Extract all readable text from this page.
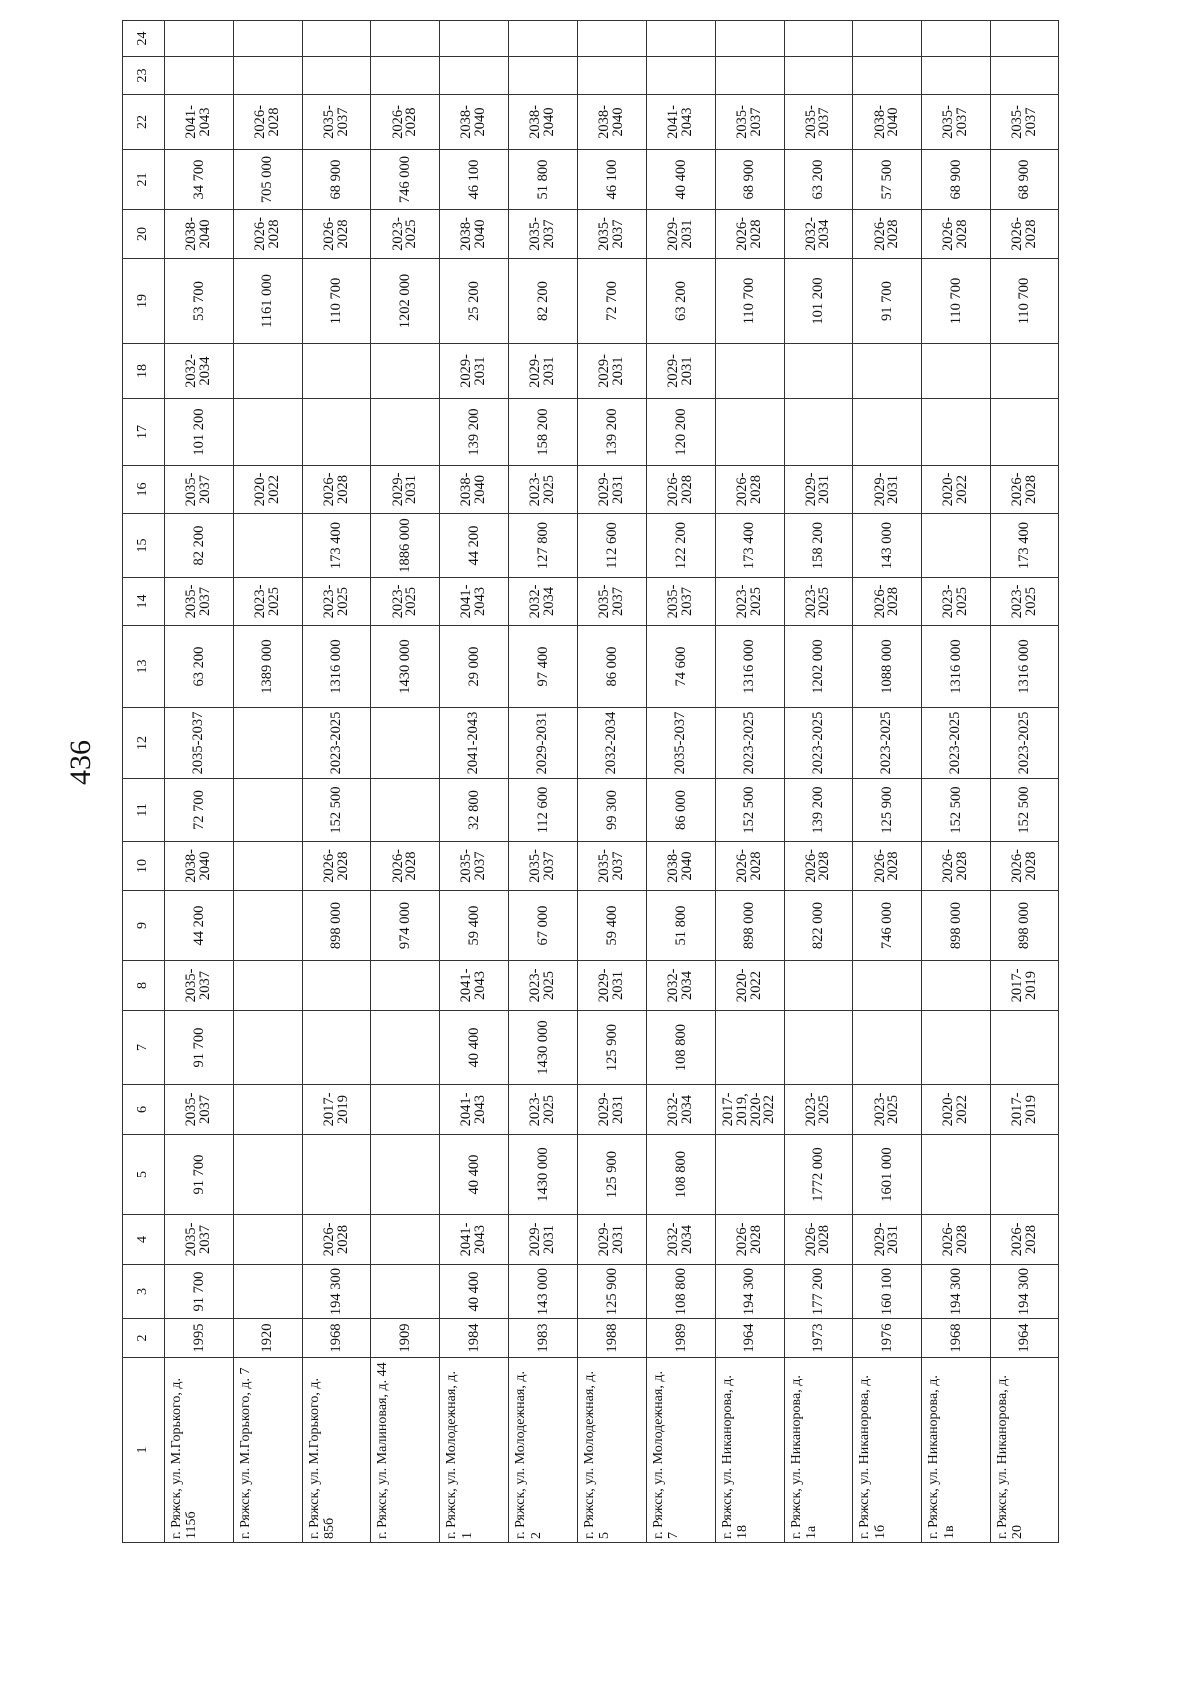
436
1	2	3	4	5	6	7	8	9	10	11	12	13	14	15	16	17	18	19	20	21	22	23	24
г. Ряжск, ул. М.Горького, д. 115б	1995	91 700	2035-2037	91 700	2035-2037	91 700	2035-2037	44 200	2038-2040	72 700	2035-2037	63 200	2035-2037	82 200	2035-2037	101 200	2032-2034	53 700	2038-2040	34 700	2041-2043		
г. Ряжск, ул. М.Горького, д. 7	1920											1389 000	2023-2025		2020-2022			1161 000	2026-2028	705 000	2026-2028		
г. Ряжск, ул. М.Горького, д. 85б	1968	194 300	2026-2028		2017-2019			898 000	2026-2028	152 500	2023-2025	1316 000	2023-2025	173 400	2026-2028			110 700	2026-2028	68 900	2035-2037		
г. Ряжск, ул. Малиновая, д. 44	1909							974 000	2026-2028			1430 000	2023-2025	1886 000	2029-2031			1202 000	2023-2025	746 000	2026-2028		
г. Ряжск, ул. Молодежная, д. 1	1984	40 400	2041-2043	40 400	2041-2043	40 400	2041-2043	59 400	2035-2037	32 800	2041-2043	29 000	2041-2043	44 200	2038-2040	139 200	2029-2031	25 200	2038-2040	46 100	2038-2040		
г. Ряжск, ул. Молодежная, д. 2	1983	143 000	2029-2031	1430 000	2023-2025	1430 000	2023-2025	67 000	2035-2037	112 600	2029-2031	97 400	2032-2034	127 800	2023-2025	158 200	2029-2031	82 200	2035-2037	51 800	2038-2040		
г. Ряжск, ул. Молодежная, д. 5	1988	125 900	2029-2031	125 900	2029-2031	125 900	2029-2031	59 400	2035-2037	99 300	2032-2034	86 000	2035-2037	112 600	2029-2031	139 200	2029-2031	72 700	2035-2037	46 100	2038-2040		
г. Ряжск, ул. Молодежная, д. 7	1989	108 800	2032-2034	108 800	2032-2034	108 800	2032-2034	51 800	2038-2040	86 000	2035-2037	74 600	2035-2037	122 200	2026-2028	120 200	2029-2031	63 200	2029-2031	40 400	2041-2043		
г. Ряжск, ул. Никанорова, д. 18	1964	194 300	2026-2028		2017-2019, 2020-2022		2020-2022	898 000	2026-2028	152 500	2023-2025	1316 000	2023-2025	173 400	2026-2028			110 700	2026-2028	68 900	2035-2037		
г. Ряжск, ул. Никанорова, д. 1а	1973	177 200	2026-2028	1772 000	2023-2025			822 000	2026-2028	139 200	2023-2025	1202 000	2023-2025	158 200	2029-2031			101 200	2032-2034	63 200	2035-2037		
г. Ряжск, ул. Никанорова, д. 1б	1976	160 100	2029-2031	1601 000	2023-2025			746 000	2026-2028	125 900	2023-2025	1088 000	2026-2028	143 000	2029-2031			91 700	2026-2028	57 500	2038-2040		
г. Ряжск, ул. Никанорова, д. 1в	1968	194 300	2026-2028		2020-2022			898 000	2026-2028	152 500	2023-2025	1316 000	2023-2025		2020-2022			110 700	2026-2028	68 900	2035-2037		
г. Ряжск, ул. Никанорова, д. 20	1964	194 300	2026-2028		2017-2019		2017-2019	898 000	2026-2028	152 500	2023-2025	1316 000	2023-2025	173 400	2026-2028			110 700	2026-2028	68 900	2035-2037		
